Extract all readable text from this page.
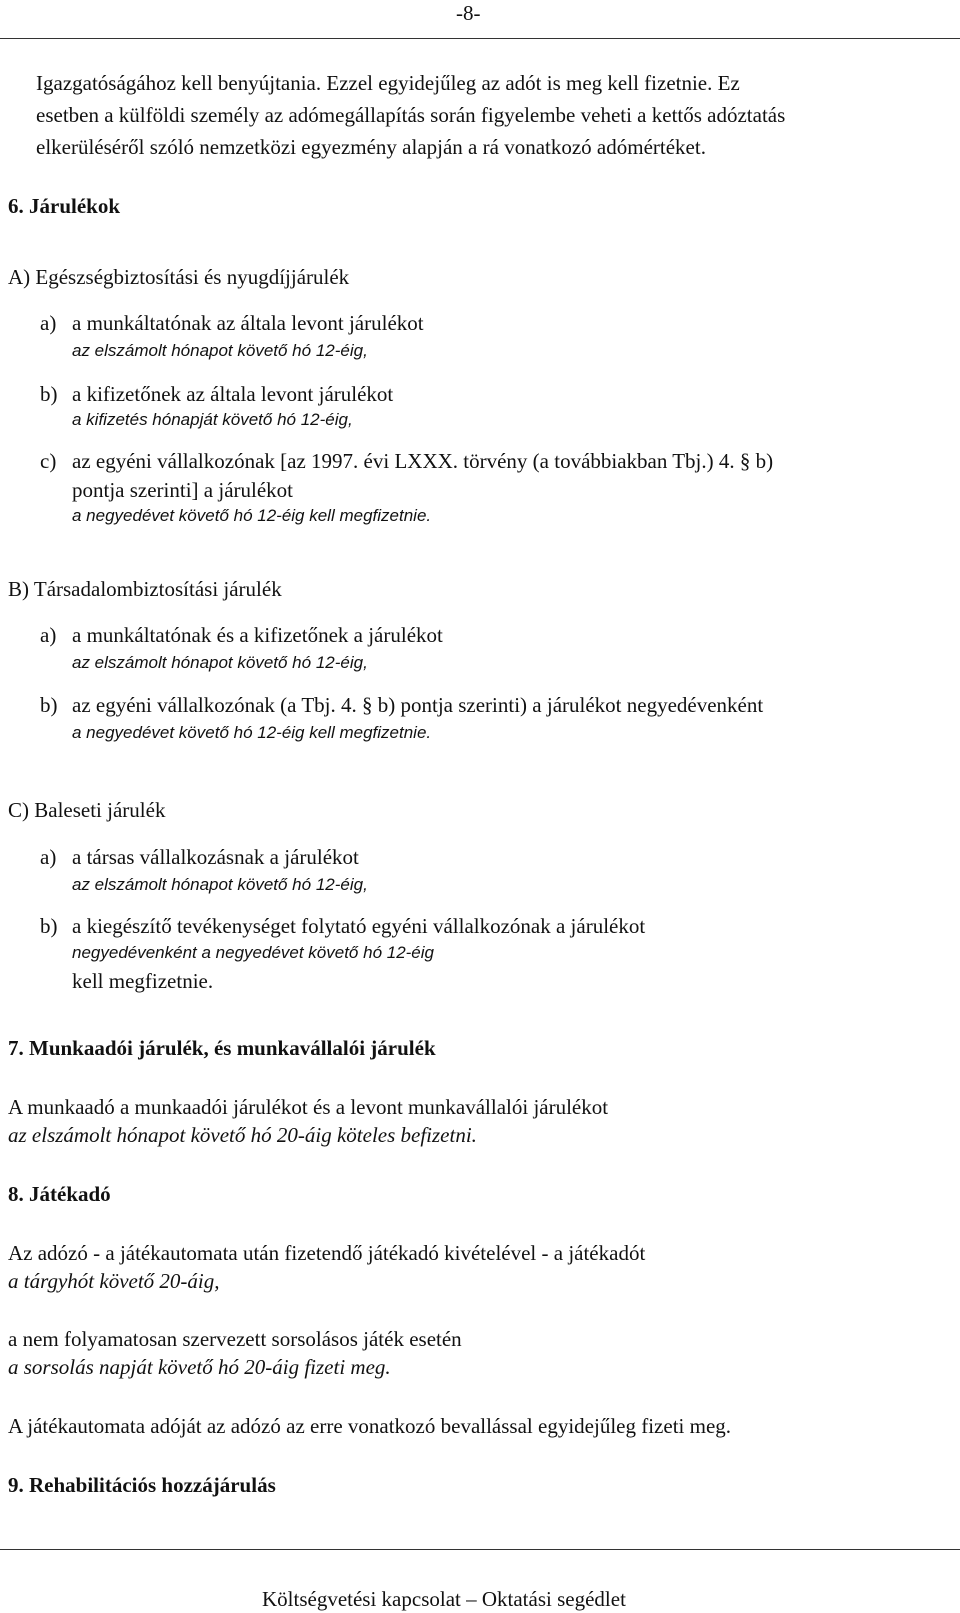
-8-
Igazgatóságához kell benyújtania. Ezzel egyidejűleg az adót is meg kell fizetnie. Ez
esetben a külföldi személy az adómegállapítás során figyelembe veheti a kettős adóztatás
elkerüléséről szóló nemzetközi egyezmény alapján a rá vonatkozó adómértéket.
6. Járulékok
A) Egészségbiztosítási és nyugdíjjárulék
a) a munkáltatónak az általa levont járulékot
az elszámolt hónapot követő hó 12-éig,
b) a kifizetőnek az általa levont járulékot
a kifizetés hónapját követő hó 12-éig,
c) az egyéni vállalkozónak [az 1997. évi LXXX. törvény (a továbbiakban Tbj.) 4. § b)
pontja szerinti] a járulékot
a negyedévet követő hó 12-éig kell megfizetnie.
B) Társadalombiztosítási járulék
a) a munkáltatónak és a kifizetőnek a járulékot
az elszámolt hónapot követő hó 12-éig,
b) az egyéni vállalkozónak (a Tbj. 4. § b) pontja szerinti) a járulékot negyedévenként
a negyedévet követő hó 12-éig kell megfizetnie.
C) Baleseti járulék
a) a társas vállalkozásnak a járulékot
az elszámolt hónapot követő hó 12-éig,
b) a kiegészítő tevékenységet folytató egyéni vállalkozónak a járulékot
negyedévenként a negyedévet követő hó 12-éig
kell megfizetnie.
7. Munkaadói járulék, és munkavállalói járulék
A munkaadó a munkaadói járulékot és a levont munkavállalói járulékot
az elszámolt hónapot követő hó 20-áig köteles befizetni.
8. Játékadó
Az adózó - a játékautomata után fizetendő játékadó kivételével - a játékadót
a tárgyhót követő 20-áig,
a nem folyamatosan szervezett sorsolásos játék esetén
a sorsolás napját követő hó 20-áig fizeti meg.
A játékautomata adóját az adózó az erre vonatkozó bevallással egyidejűleg fizeti meg.
9. Rehabilitációs hozzájárulás
Költségvetési kapcsolat – Oktatási segédlet
